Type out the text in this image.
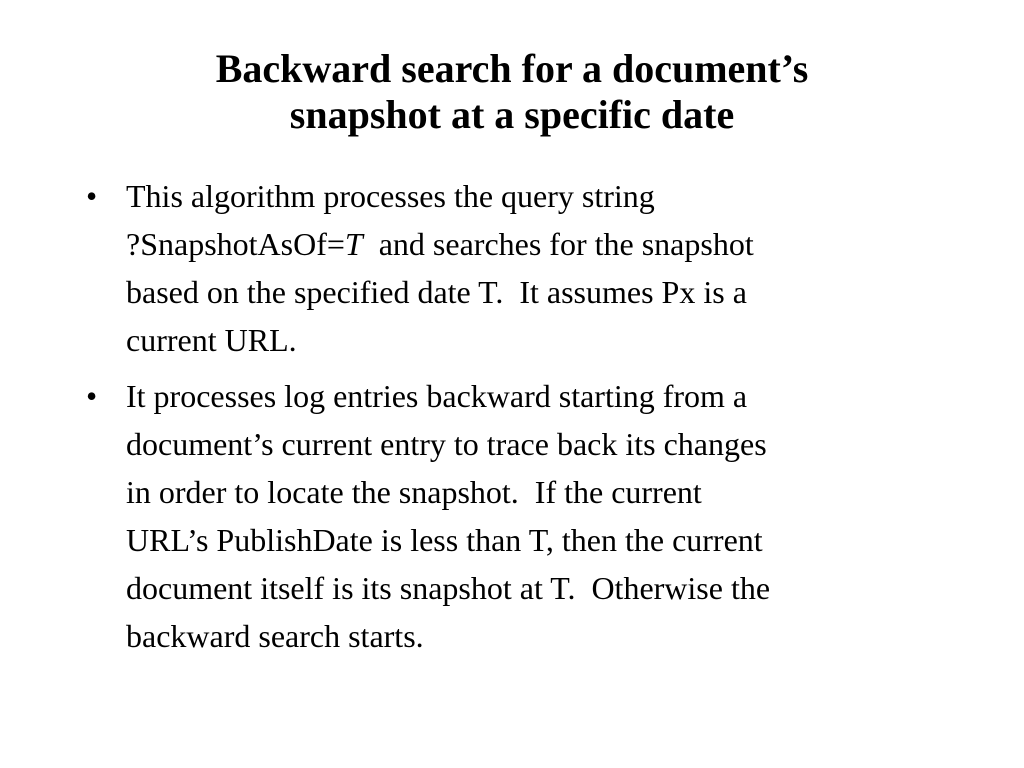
Backward search for a document’s
snapshot at a specific date
• This algorithm processes the query string
?SnapshotAsOf=T  and searches for the snapshot
based on the specified date T.  It assumes Px is a
current URL.
• It processes log entries backward starting from a
document’s current entry to trace back its changes
in order to locate the snapshot.  If the current
URL’s PublishDate is less than T, then the current
document itself is its snapshot at T.  Otherwise the
backward search starts.
